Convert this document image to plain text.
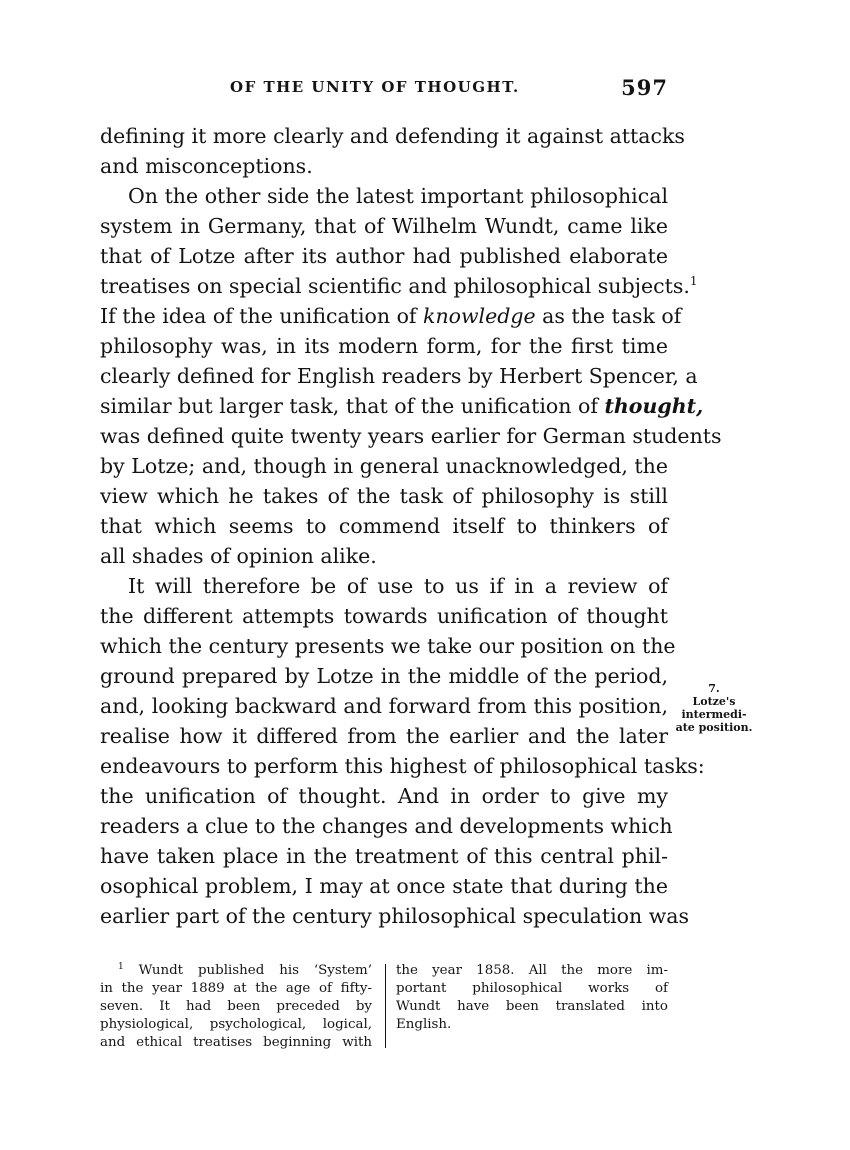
OF THE UNITY OF THOUGHT.	597
defining it more clearly and defending it against attacks
and misconceptions.
On the other side the latest important philosophical
system in Germany, that of Wilhelm Wundt, came like
that of Lotze after its author had published elaborate
treatises on special scientific and philosophical subjects.$^1$
If the idea of the unification of knowledge as the task of
philosophy was, in its modern form, for the first time
clearly defined for English readers by Herbert Spencer, a
similar but larger task, that of the unification of thought,
was defined quite twenty years earlier for German students
by Lotze; and, though in general unacknowledged, the
view which he takes of the task of philosophy is still
that which seems to commend itself to thinkers of
all shades of opinion alike.
It will therefore be of use to us if in a review of
the different attempts towards unification of thought
which the century presents we take our position on the
ground prepared by Lotze in the middle of the period,
and, looking backward and forward from this position,
realise how it differed from the earlier and the later
endeavours to perform this highest of philosophical tasks:
the unification of thought. And in order to give my
readers a clue to the changes and developments which
have taken place in the treatment of this central phil-
osophical problem, I may at once state that during the
earlier part of the century philosophical speculation was
7.
Lotze's
intermedi-
ate position.
$^1$ Wundt published his ‘System’
in the year 1889 at the age of fifty-
seven. It had been preceded by
physiological, psychological, logical,
and ethical treatises beginning with
the year 1858. All the more im-
portant philosophical works of
Wundt have been translated into
English.
